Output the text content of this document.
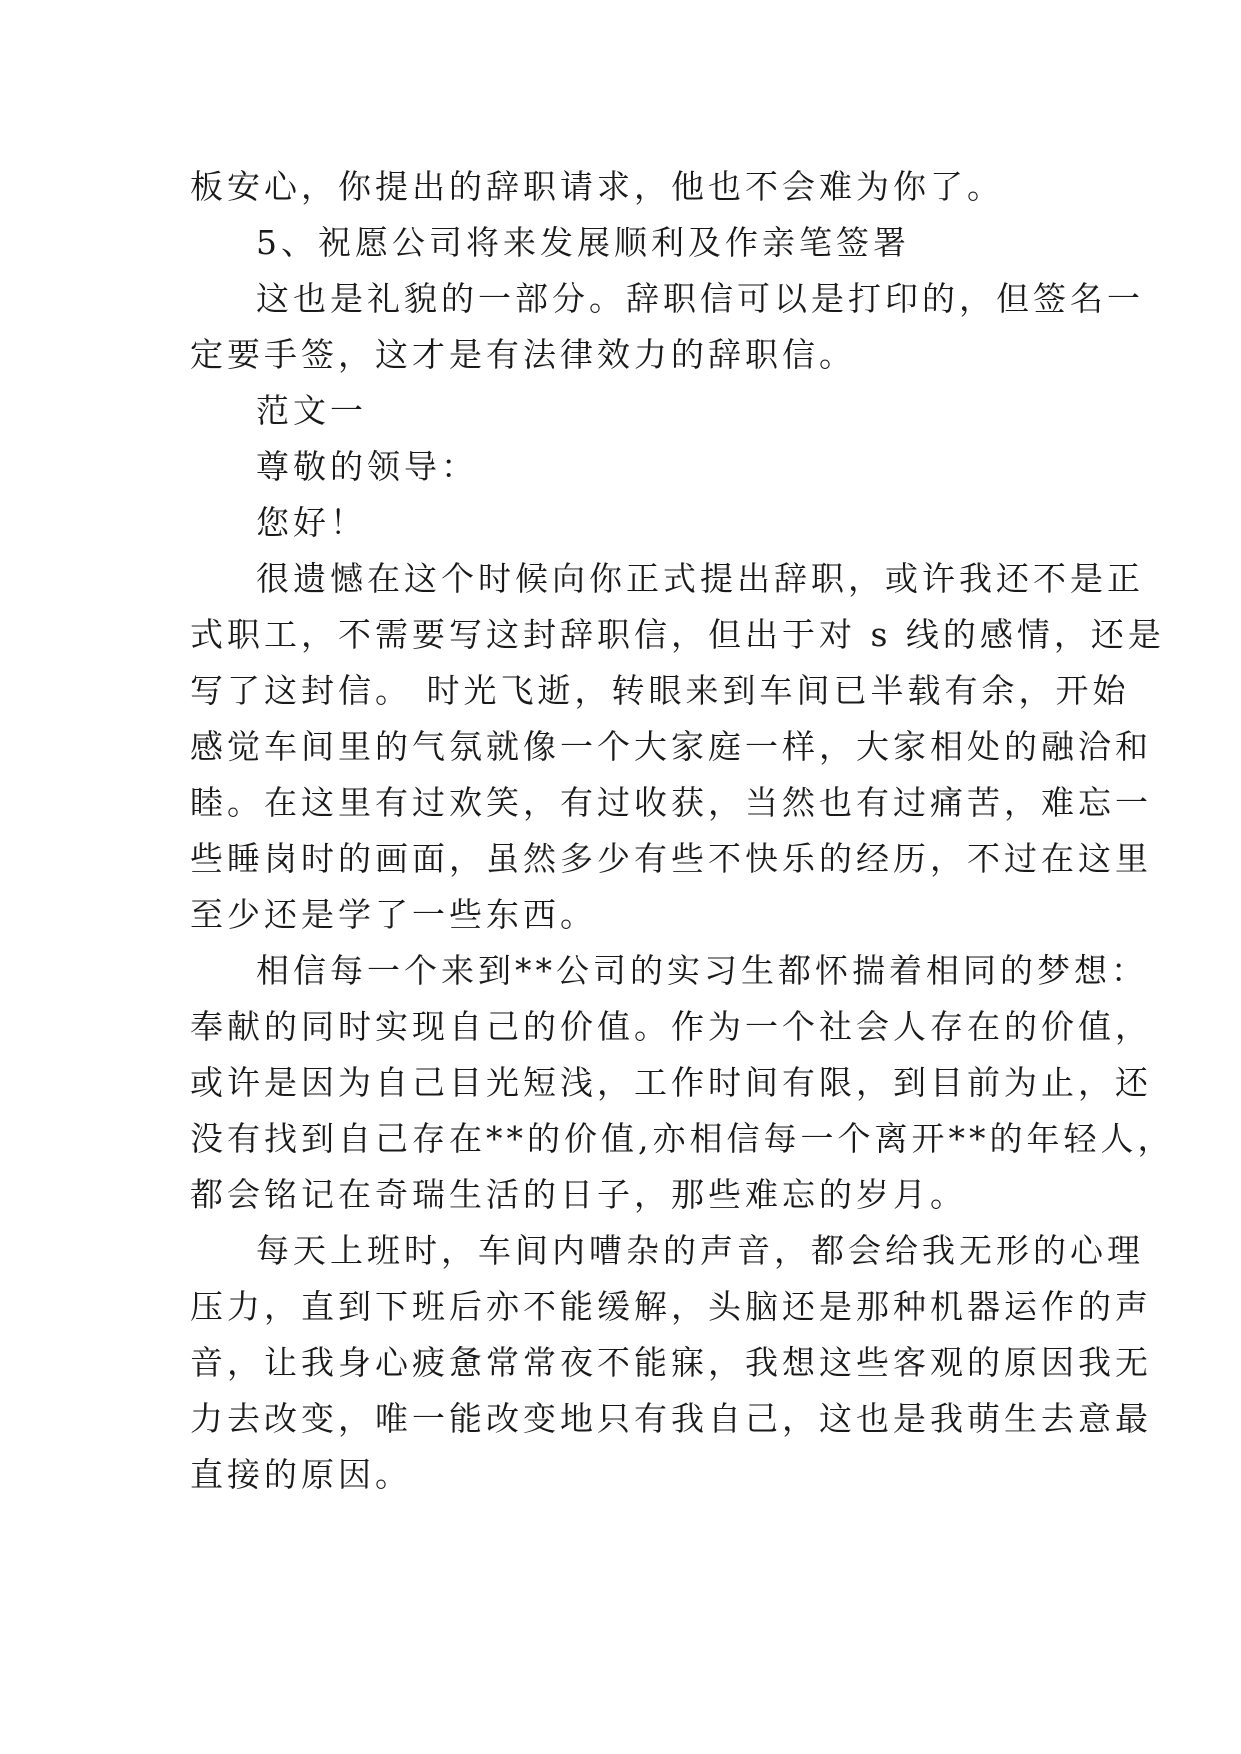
板安心，你提出的辞职请求，他也不会难为你了。
5、祝愿公司将来发展顺利及作亲笔签署
这也是礼貌的一部分。辞职信可以是打印的，但签名一
定要手签，这才是有法律效力的辞职信。
范文一
尊敬的领导：
您好！
很遗憾在这个时候向你正式提出辞职，或许我还不是正
式职工，不需要写这封辞职信，但出于对 s 线的感情，还是
写了这封信。 时光飞逝，转眼来到车间已半载有余，开始
感觉车间里的气氛就像一个大家庭一样，大家相处的融洽和
睦。在这里有过欢笑，有过收获，当然也有过痛苦，难忘一
些睡岗时的画面，虽然多少有些不快乐的经历，不过在这里
至少还是学了一些东西。
相信每一个来到**公司的实习生都怀揣着相同的梦想：
奉献的同时实现自己的价值。作为一个社会人存在的价值，
或许是因为自己目光短浅，工作时间有限，到目前为止，还
没有找到自己存在**的价值,亦相信每一个离开**的年轻人，
都会铭记在奇瑞生活的日子，那些难忘的岁月。
每天上班时，车间内嘈杂的声音，都会给我无形的心理
压力，直到下班后亦不能缓解，头脑还是那种机器运作的声
音，让我身心疲惫常常夜不能寐，我想这些客观的原因我无
力去改变，唯一能改变地只有我自己，这也是我萌生去意最
直接的原因。
